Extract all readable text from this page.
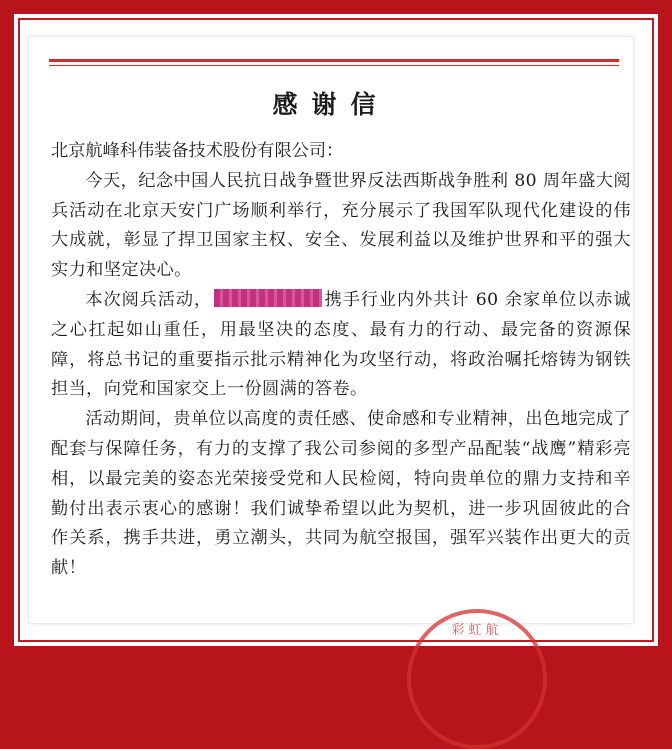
感谢信

北京航峰科伟装备技术股份有限公司：

今天，纪念中国人民抗日战争暨世界反法西斯战争胜利 80 周年盛大阅兵活动在北京天安门广场顺利举行，充分展示了我国军队现代化建设的伟大成就，彰显了捍卫国家主权、安全、发展利益以及维护世界和平的强大实力和坚定决心。

本次阅兵活动，	携手行业内外共计 60 余家单位以赤诚之心扛起如山重任，用最坚决的态度、最有力的行动、最完备的资源保障，将总书记的重要指示批示精神化为攻坚行动，将政治嘱托熔铸为钢铁担当，向党和国家交上一份圆满的答卷。

活动期间，贵单位以高度的责任感、使命感和专业精神，出色地完成了配套与保障任务，有力的支撑了我公司参阅的多型产品配装“战鹰”精彩亮相，以最完美的姿态光荣接受党和人民检阅，特向贵单位的鼎力支持和辛勤付出表示衷心的感谢！我们诚挚希望以此为契机，进一步巩固彼此的合作关系，携手共进，勇立潮头，共同为航空报国，强军兴装作出更大的贡献！

彩虹航
